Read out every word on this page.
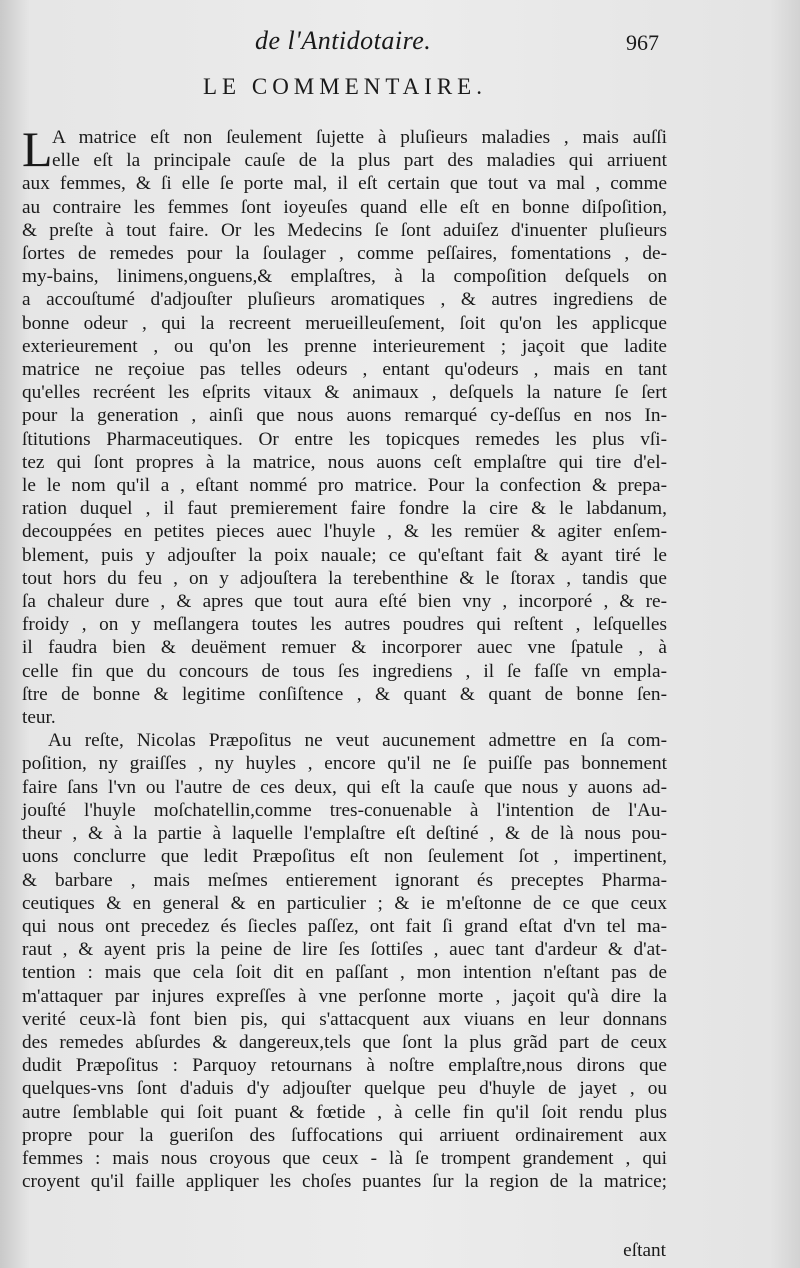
de l'Antidotaire.	967
LE COMMENTAIRE.
L A matrice eſt non ſeulement ſujette à pluſieurs maladies , mais auſſi
elle eſt la principale cauſe de la plus part des maladies qui arriuent
aux femmes, & ſi elle ſe porte mal, il eſt certain que tout va mal , comme
au contraire les femmes ſont ioyeuſes quand elle eſt en bonne diſpoſition,
& preſte à tout faire. Or les Medecins ſe ſont aduiſez d'inuenter pluſieurs
ſortes de remedes pour la ſoulager , comme peſſaires, fomentations , de-
my-bains, linimens,onguens,& emplaſtres, à la compoſition deſquels on
a accouſtumé d'adjouſter pluſieurs aromatiques , & autres ingrediens de
bonne odeur , qui la recreent merueilleuſement, ſoit qu'on les applicque
exterieurement , ou qu'on les prenne interieurement ; jaçoit que ladite
matrice ne reçoiue pas telles odeurs , entant qu'odeurs , mais en tant
qu'elles recréent les eſprits vitaux & animaux , deſquels la nature ſe ſert
pour la generation , ainſi que nous auons remarqué cy-deſſus en nos In-
ſtitutions Pharmaceutiques. Or entre les topicques remedes les plus vſi-
tez qui ſont propres à la matrice, nous auons ceſt emplaſtre qui tire d'el-
le le nom qu'il a , eſtant nommé pro matrice. Pour la confection & prepa-
ration duquel , il faut premierement faire fondre la cire & le labdanum,
decouppées en petites pieces auec l'huyle , & les remüer & agiter enſem-
blement, puis y adjouſter la poix nauale; ce qu'eſtant fait & ayant tiré le
tout hors du feu , on y adjouſtera la terebenthine & le ſtorax , tandis que
ſa chaleur dure , & apres que tout aura eſté bien vny , incorporé , & re-
froidy , on y meſlangera toutes les autres poudres qui reſtent , leſquelles
il faudra bien & deuëment remuer & incorporer auec vne ſpatule , à
celle fin que du concours de tous ſes ingrediens , il ſe faſſe vn empla-
ſtre de bonne & legitime conſiſtence , & quant & quant de bonne ſen-
teur.
Au reſte, Nicolas Præpoſitus ne veut aucunement admettre en ſa com-
poſition, ny graiſſes , ny huyles , encore qu'il ne ſe puiſſe pas bonnement
faire ſans l'vn ou l'autre de ces deux, qui eſt la cauſe que nous y auons ad-
jouſté l'huyle moſchatellin,comme tres-conuenable à l'intention de l'Au-
theur , & à la partie à laquelle l'emplaſtre eſt deſtiné , & de là nous pou-
uons conclurre que ledit Præpoſitus eſt non ſeulement ſot , impertinent,
& barbare , mais meſmes entierement ignorant és preceptes Pharma-
ceutiques & en general & en particulier ; & ie m'eſtonne de ce que ceux
qui nous ont precedez és ſiecles paſſez, ont fait ſi grand eſtat d'vn tel ma-
raut , & ayent pris la peine de lire ſes ſottiſes , auec tant d'ardeur & d'at-
tention : mais que cela ſoit dit en paſſant , mon intention n'eſtant pas de
m'attaquer par injures expreſſes à vne perſonne morte , jaçoit qu'à dire la
verité ceux-là font bien pis, qui s'attacquent aux viuans en leur donnans
des remedes abſurdes & dangereux,tels que ſont la plus grãd part de ceux
dudit Præpoſitus : Parquoy retournans à noſtre emplaſtre,nous dirons que
quelques-vns ſont d'aduis d'y adjouſter quelque peu d'huyle de jayet , ou
autre ſemblable qui ſoit puant & fœtide , à celle fin qu'il ſoit rendu plus
propre pour la gueriſon des ſuffocations qui arriuent ordinairement aux
femmes : mais nous croyous que ceux - là ſe trompent grandement , qui
croyent qu'il faille appliquer les choſes puantes ſur la region de la matrice;
eſtant
